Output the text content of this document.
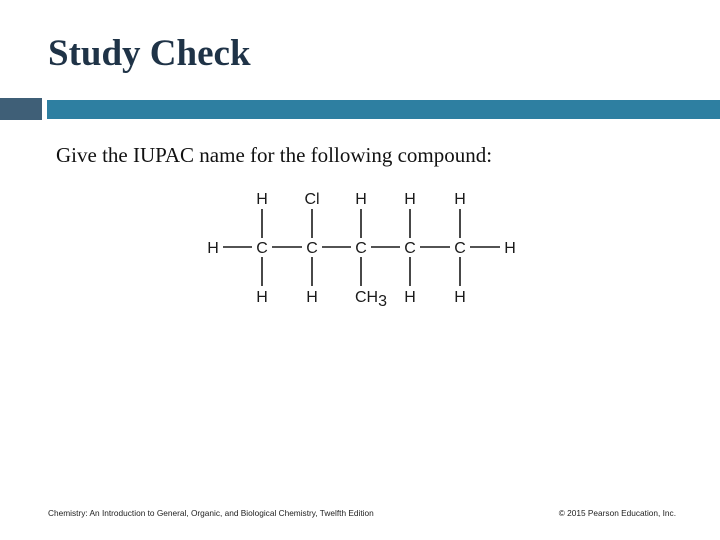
Study Check
Give the IUPAC name for the following compound:
H Cl H H H
H C C C C C H
H H CH3 H H
Chemistry: An Introduction to General, Organic, and Biological Chemistry, Twelfth Edition	© 2015 Pearson Education, Inc.
